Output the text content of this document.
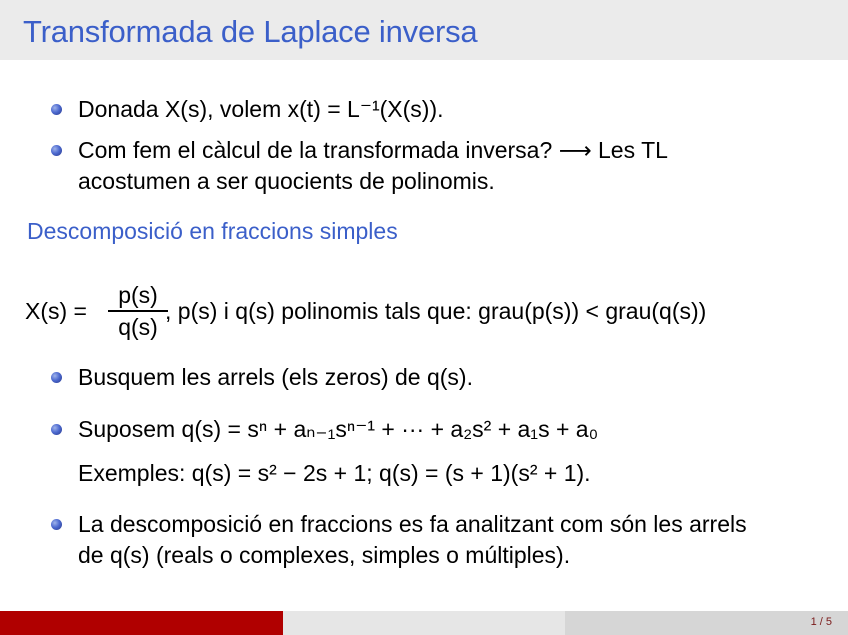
Transformada de Laplace inversa
Donada X(s), volem x(t) = L⁻¹(X(s)).
Com fem el càlcul de la transformada inversa? ⟶ Les TL
acostumen a ser quocients de polinomis.
Descomposició en fraccions simples
X(s) =
p(s)
q(s)
, p(s) i q(s) polinomis tals que: grau(p(s)) < grau(q(s))
Busquem les arrels (els zeros) de q(s).
Suposem q(s) = sⁿ + aₙ₋₁sⁿ⁻¹ + ··· + a₂s² + a₁s + a₀
Exemples: q(s) = s² − 2s + 1; q(s) = (s + 1)(s² + 1).
La descomposició en fraccions es fa analitzant com són les arrels
de q(s) (reals o complexes, simples o múltiples).
1 / 5
